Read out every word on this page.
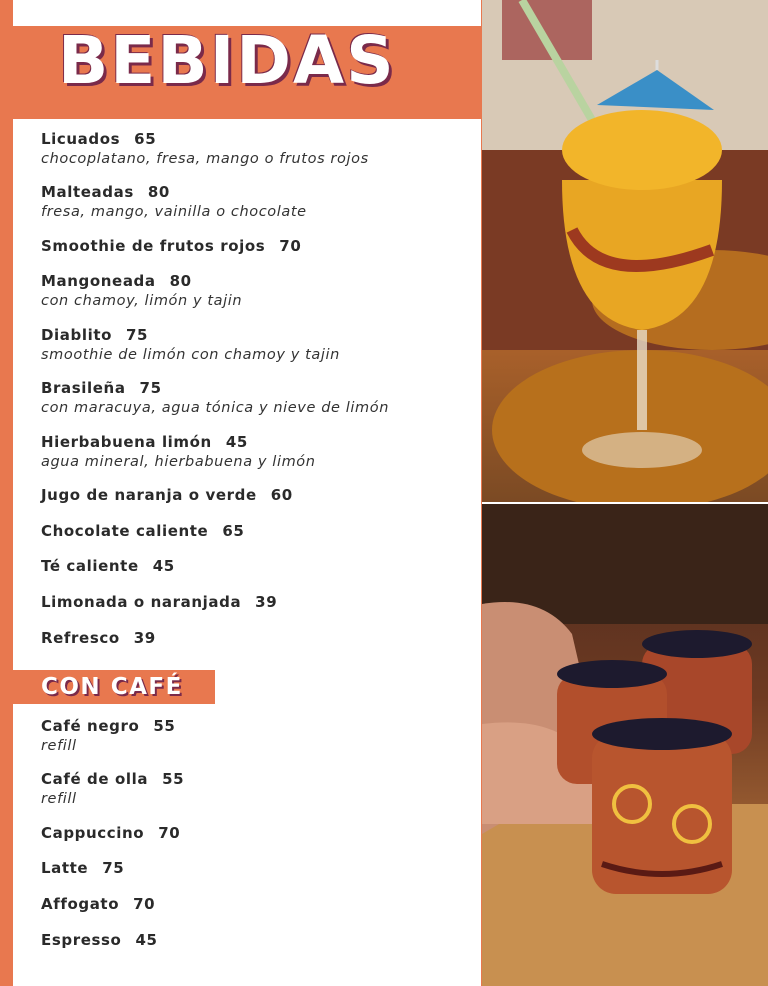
BEBIDAS
Licuados 65
chocoplatano, fresa, mango o frutos rojos
Malteadas 80
fresa, mango, vainilla o chocolate
Smoothie de frutos rojos 70
Mangoneada 80
con chamoy, limón y tajin
Diablito 75
smoothie de limón con chamoy y tajin
Brasileña 75
con maracuya, agua tónica y nieve de limón
Hierbabuena limón 45
agua mineral, hierbabuena y limón
Jugo de naranja o verde 60
Chocolate caliente 65
Té caliente 45
Limonada o naranjada 39
Refresco 39
CON CAFÉ
Café negro 55
refill
Café de olla 55
refill
Cappuccino 70
Latte 75
Affogato 70
Espresso 45
